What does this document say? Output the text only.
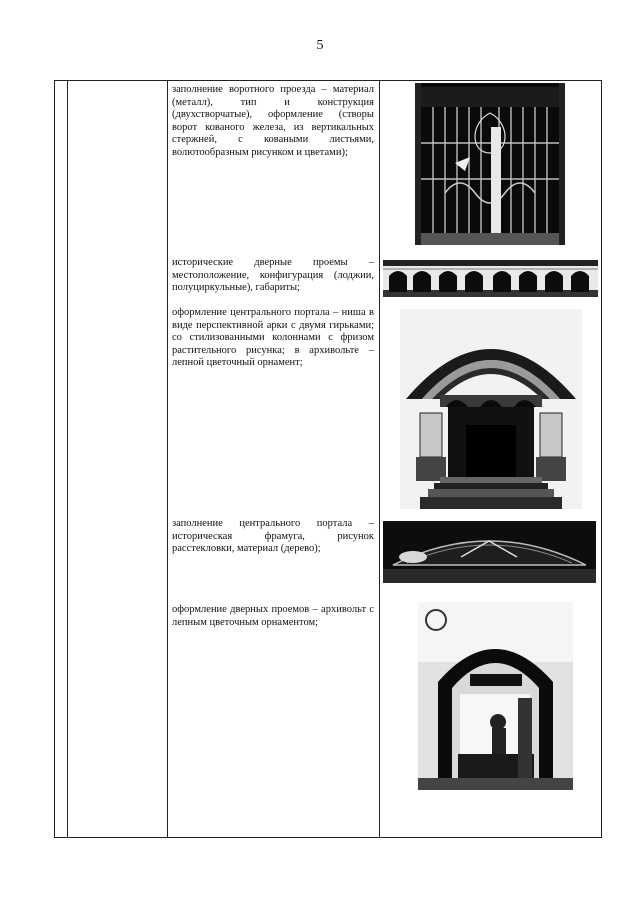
5
заполнение воротного проезда – материал (металл), тип и конструкция (двухстворчатые), оформление (створы ворот кованого железа, из вертикальных стержней, с коваными листьями, волютообразным рисунком и цветами);
исторические дверные проемы – местоположение, конфигурация (лоджии, полуциркульные), габариты;
оформление центрального портала – ниша в виде перспективной арки с двумя гирьками; со стилизованными колоннами с фризом растительного рисунка; в архивольте – лепной цветочный орнамент;
заполнение центрального портала – историческая фрамуга, рисунок расстекловки, материал (дерево);
оформление дверных проемов – архивольт с лепным цветочным орнаментом;
